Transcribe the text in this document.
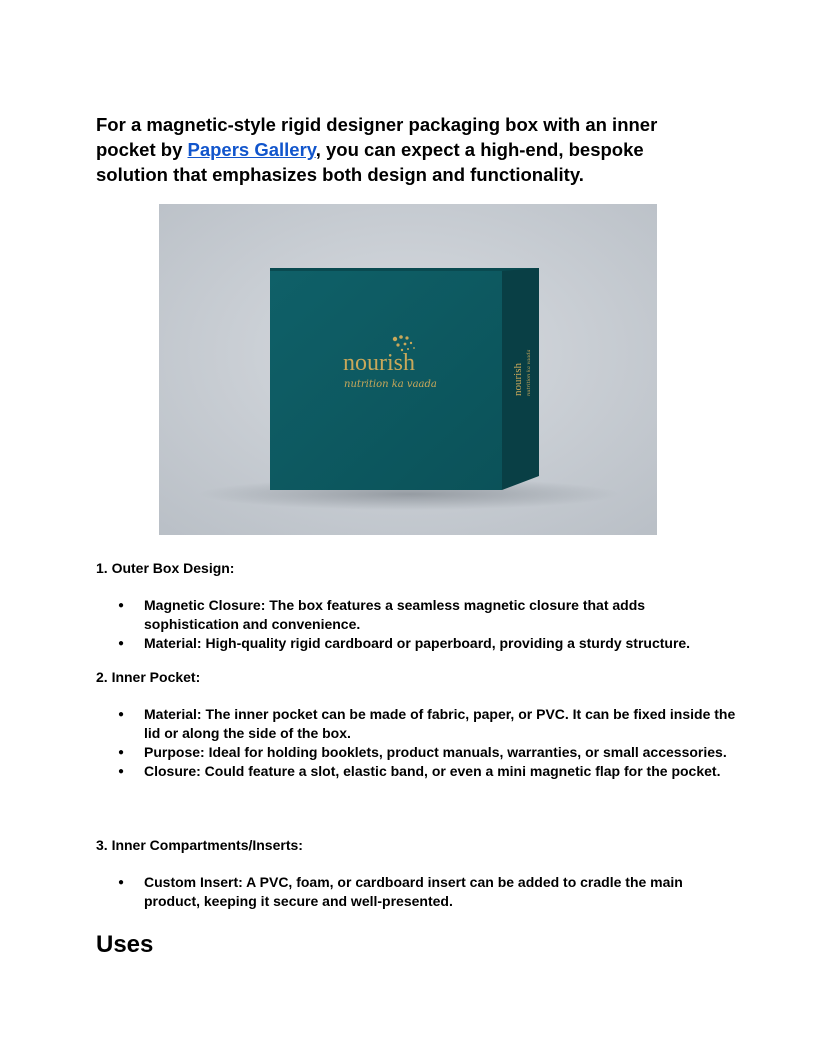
For a magnetic-style rigid designer packaging box with an inner pocket by Papers Gallery, you can expect a high-end, bespoke solution that emphasizes both design and functionality.

nourish
nutrition ka vaada	nourish nutrition ka vaada

1. Outer Box Design:

● Magnetic Closure: The box features a seamless magnetic closure that adds sophistication and convenience.
● Material: High-quality rigid cardboard or paperboard, providing a sturdy structure.

2. Inner Pocket:

● Material: The inner pocket can be made of fabric, paper, or PVC. It can be fixed inside the lid or along the side of the box.
● Purpose: Ideal for holding booklets, product manuals, warranties, or small accessories.
● Closure: Could feature a slot, elastic band, or even a mini magnetic flap for the pocket.

3. Inner Compartments/Inserts:

● Custom Insert: A PVC, foam, or cardboard insert can be added to cradle the main product, keeping it secure and well-presented.
Uses
